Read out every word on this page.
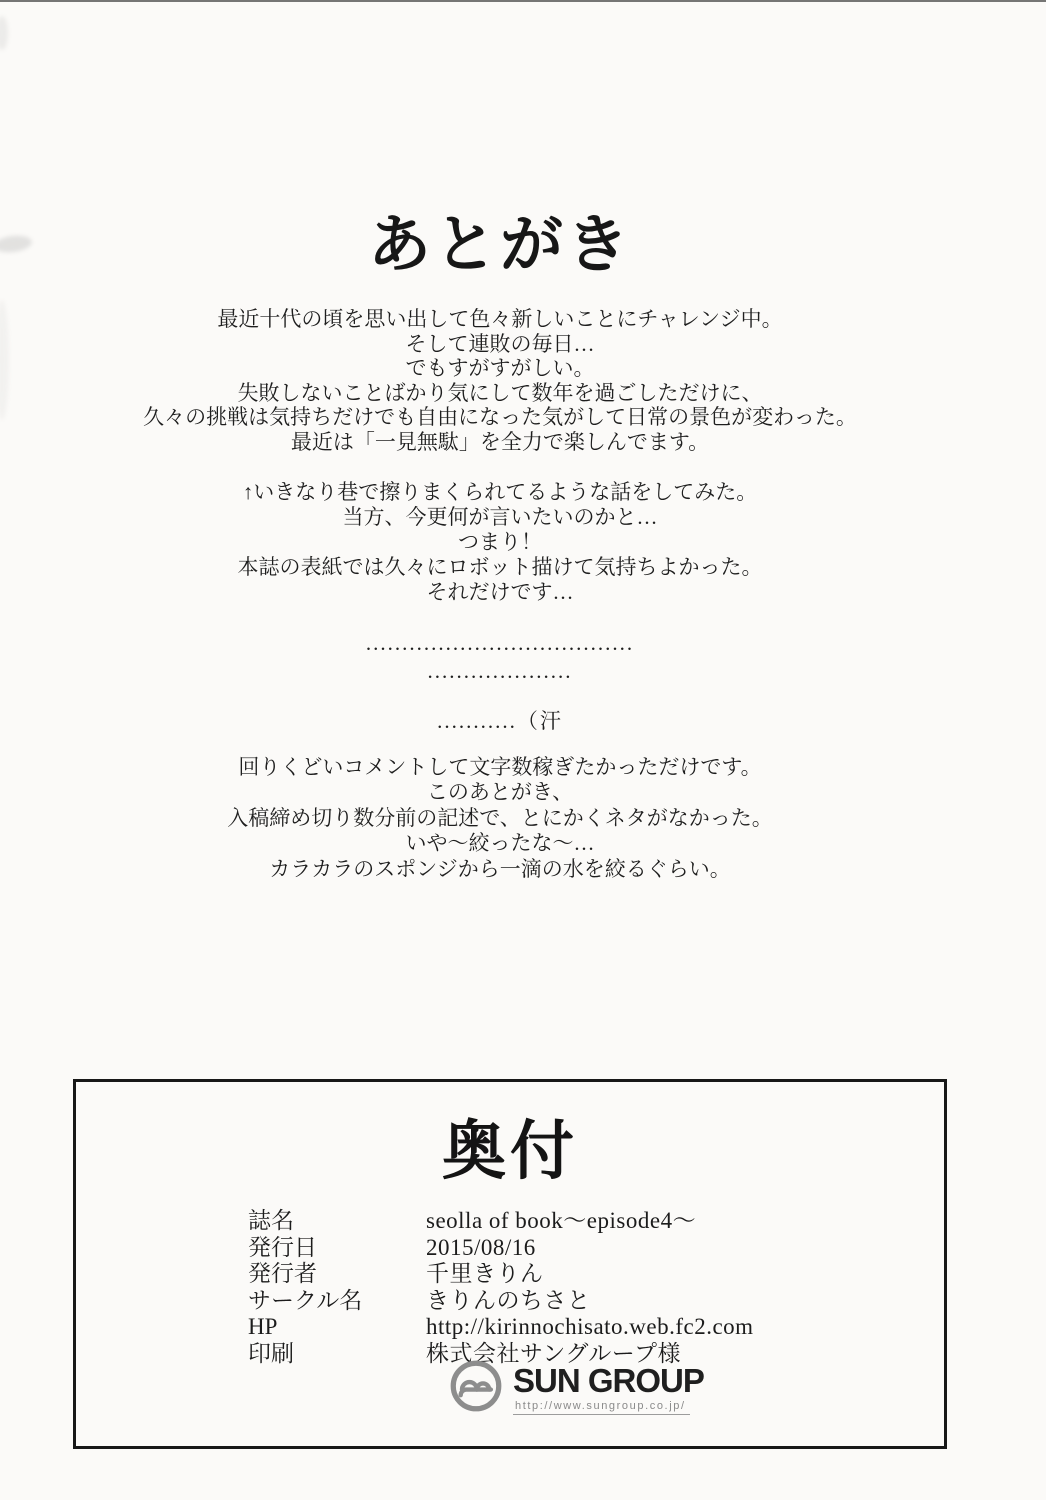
あとがき
最近十代の頃を思い出して色々新しいことにチャレンジ中。
そして連敗の毎日…
でもすがすがしい。
失敗しないことばかり気にして数年を過ごしただけに、
久々の挑戦は気持ちだけでも自由になった気がして日常の景色が変わった。
最近は「一見無駄」を全力で楽しんでます。
↑いきなり巷で擦りまくられてるような話をしてみた。
当方、今更何が言いたいのかと…
つまり！
本誌の表紙では久々にロボット描けて気持ちよかった。
それだけです…
.....................................
....................
...........（汗
回りくどいコメントして文字数稼ぎたかっただけです。
このあとがき、
入稿締め切り数分前の記述で、とにかくネタがなかった。
いや～絞ったな～…
カラカラのスポンジから一滴の水を絞るぐらい。
奥付
誌名	seolla of book～episode4～
発行日	2015/08/16
発行者	千里きりん
サークル名	きりんのちさと
HP	http://kirinnochisato.web.fc2.com
印刷	株式会社サングループ様
SUN GROUP
http://www.sungroup.co.jp/
